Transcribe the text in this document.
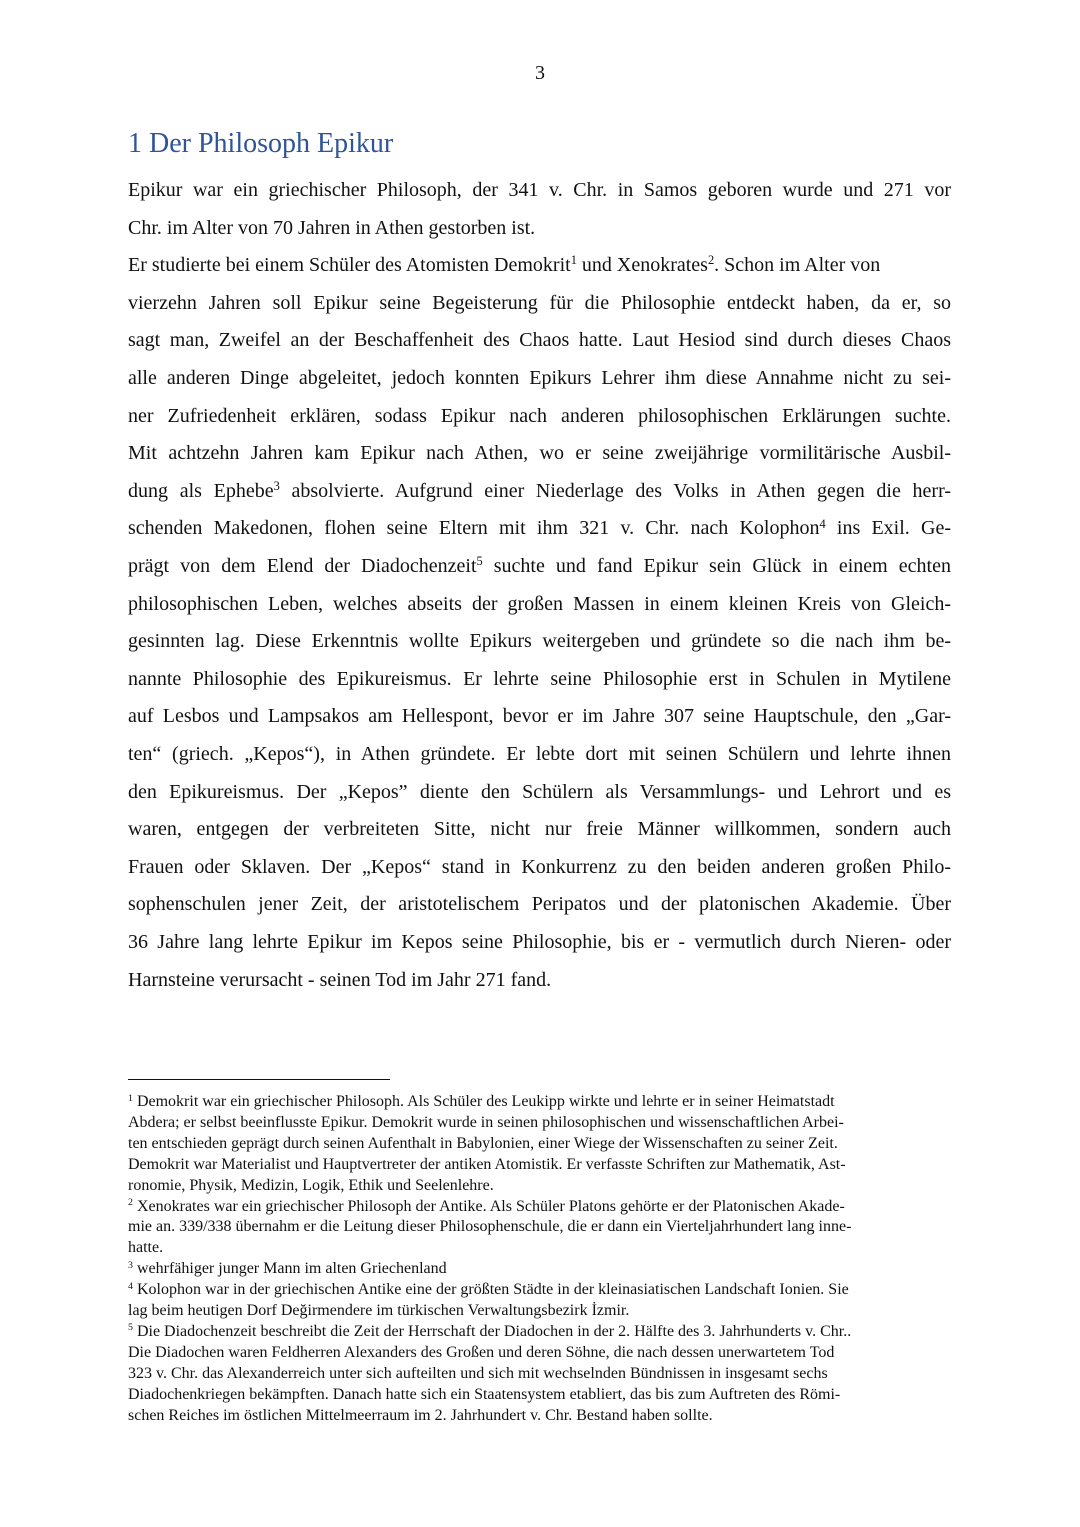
3
1 Der Philosoph Epikur
Epikur war ein griechischer Philosoph, der 341 v. Chr. in Samos geboren wurde und 271 vor
Chr. im Alter von 70 Jahren in Athen gestorben ist.
Er studierte bei einem Schüler des Atomisten Demokrit$^1$ und Xenokrates$^2$. Schon im Alter von
vierzehn Jahren soll Epikur seine Begeisterung für die Philosophie entdeckt haben, da er, so
sagt man, Zweifel an der Beschaffenheit des Chaos hatte. Laut Hesiod sind durch dieses Chaos
alle anderen Dinge abgeleitet, jedoch konnten Epikurs Lehrer ihm diese Annahme nicht zu sei-
ner Zufriedenheit erklären, sodass Epikur nach anderen philosophischen Erklärungen suchte.
Mit achtzehn Jahren kam Epikur nach Athen, wo er seine zweijährige vormilitärische Ausbil-
dung als Ephebe$^3$ absolvierte. Aufgrund einer Niederlage des Volks in Athen gegen die herr-
schenden Makedonen, flohen seine Eltern mit ihm 321 v. Chr. nach Kolophon$^4$ ins Exil. Ge-
prägt von dem Elend der Diadochenzeit$^5$ suchte und fand Epikur sein Glück in einem echten
philosophischen Leben, welches abseits der großen Massen in einem kleinen Kreis von Gleich-
gesinnten lag. Diese Erkenntnis wollte Epikurs weitergeben und gründete so die nach ihm be-
nannte Philosophie des Epikureismus. Er lehrte seine Philosophie erst in Schulen in Mytilene
auf Lesbos und Lampsakos am Hellespont, bevor er im Jahre 307 seine Hauptschule, den „Gar-
ten“ (griech. „Kepos“), in Athen gründete. Er lebte dort mit seinen Schülern und lehrte ihnen
den Epikureismus. Der „Kepos” diente den Schülern als Versammlungs- und Lehrort und es
waren, entgegen der verbreiteten Sitte, nicht nur freie Männer willkommen, sondern auch
Frauen oder Sklaven. Der „Kepos“ stand in Konkurrenz zu den beiden anderen großen Philo-
sophenschulen jener Zeit, der aristotelischem Peripatos und der platonischen Akademie. Über
36 Jahre lang lehrte Epikur im Kepos seine Philosophie, bis er - vermutlich durch Nieren- oder
Harnsteine verursacht - seinen Tod im Jahr 271 fand.
$^1$ Demokrit war ein griechischer Philosoph. Als Schüler des Leukipp wirkte und lehrte er in seiner Heimatstadt
Abdera; er selbst beeinflusste Epikur. Demokrit wurde in seinen philosophischen und wissenschaftlichen Arbei-
ten entschieden geprägt durch seinen Aufenthalt in Babylonien, einer Wiege der Wissenschaften zu seiner Zeit.
Demokrit war Materialist und Hauptvertreter der antiken Atomistik. Er verfasste Schriften zur Mathematik, Ast-
ronomie, Physik, Medizin, Logik, Ethik und Seelenlehre.
$^2$ Xenokrates war ein griechischer Philosoph der Antike. Als Schüler Platons gehörte er der Platonischen Akade-
mie an. 339/338 übernahm er die Leitung dieser Philosophenschule, die er dann ein Vierteljahrhundert lang inne-
hatte.
$^3$ wehrfähiger junger Mann im alten Griechenland
$^4$ Kolophon war in der griechischen Antike eine der größten Städte in der kleinasiatischen Landschaft Ionien. Sie
lag beim heutigen Dorf Değirmendere im türkischen Verwaltungsbezirk İzmir.
$^5$ Die Diadochenzeit beschreibt die Zeit der Herrschaft der Diadochen in der 2. Hälfte des 3. Jahrhunderts v. Chr..
Die Diadochen waren Feldherren Alexanders des Großen und deren Söhne, die nach dessen unerwartetem Tod
323 v. Chr. das Alexanderreich unter sich aufteilten und sich mit wechselnden Bündnissen in insgesamt sechs
Diadochenkriegen bekämpften. Danach hatte sich ein Staatensystem etabliert, das bis zum Auftreten des Römi-
schen Reiches im östlichen Mittelmeerraum im 2. Jahrhundert v. Chr. Bestand haben sollte.
